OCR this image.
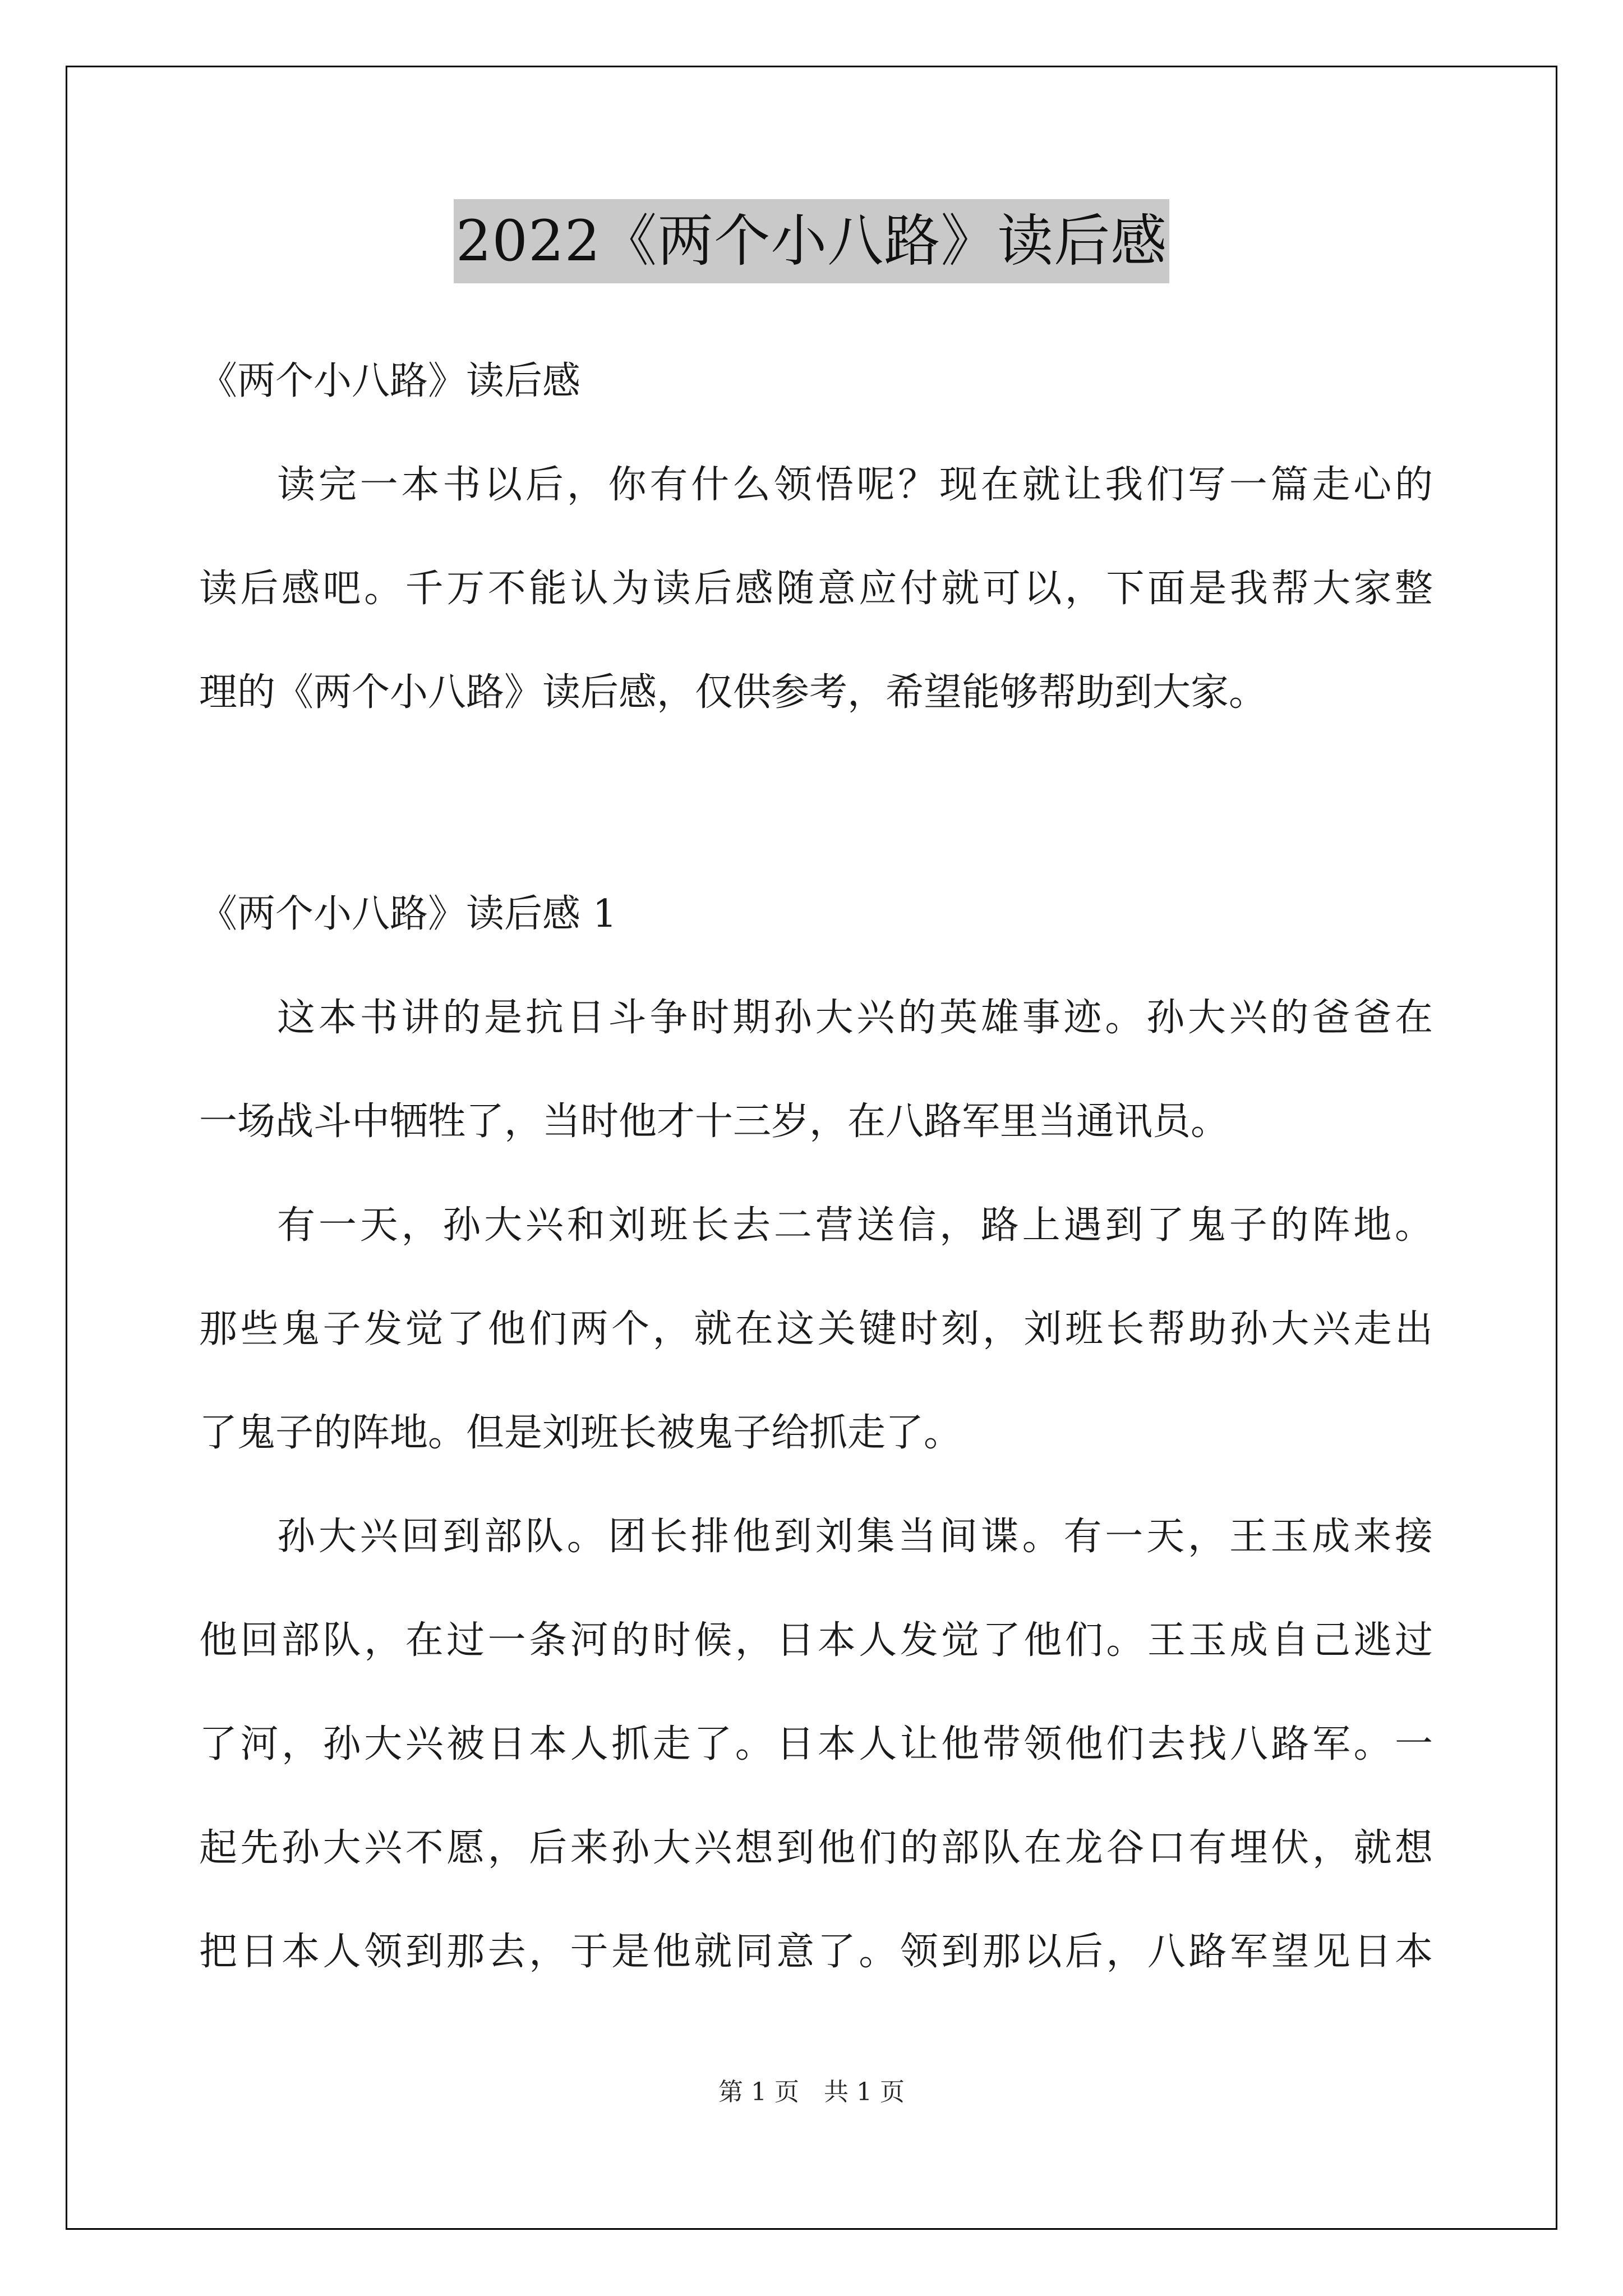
2022《两个小八路》读后感
《两个小八路》读后感
读完一本书以后，你有什么领悟呢？现在就让我们写一篇走心的
读后感吧。千万不能认为读后感随意应付就可以，下面是我帮大家整
理的《两个小八路》读后感，仅供参考，希望能够帮助到大家。
《两个小八路》读后感 1
这本书讲的是抗日斗争时期孙大兴的英雄事迹。孙大兴的爸爸在
一场战斗中牺牲了，当时他才十三岁，在八路军里当通讯员。
有一天，孙大兴和刘班长去二营送信，路上遇到了鬼子的阵地。
那些鬼子发觉了他们两个，就在这关键时刻，刘班长帮助孙大兴走出
了鬼子的阵地。但是刘班长被鬼子给抓走了。
孙大兴回到部队。团长排他到刘集当间谍。有一天，王玉成来接
他回部队，在过一条河的时候，日本人发觉了他们。王玉成自己逃过
了河，孙大兴被日本人抓走了。日本人让他带领他们去找八路军。一
起先孙大兴不愿，后来孙大兴想到他们的部队在龙谷口有埋伏，就想
把日本人领到那去，于是他就同意了。领到那以后，八路军望见日本
第 1 页　共 1 页
